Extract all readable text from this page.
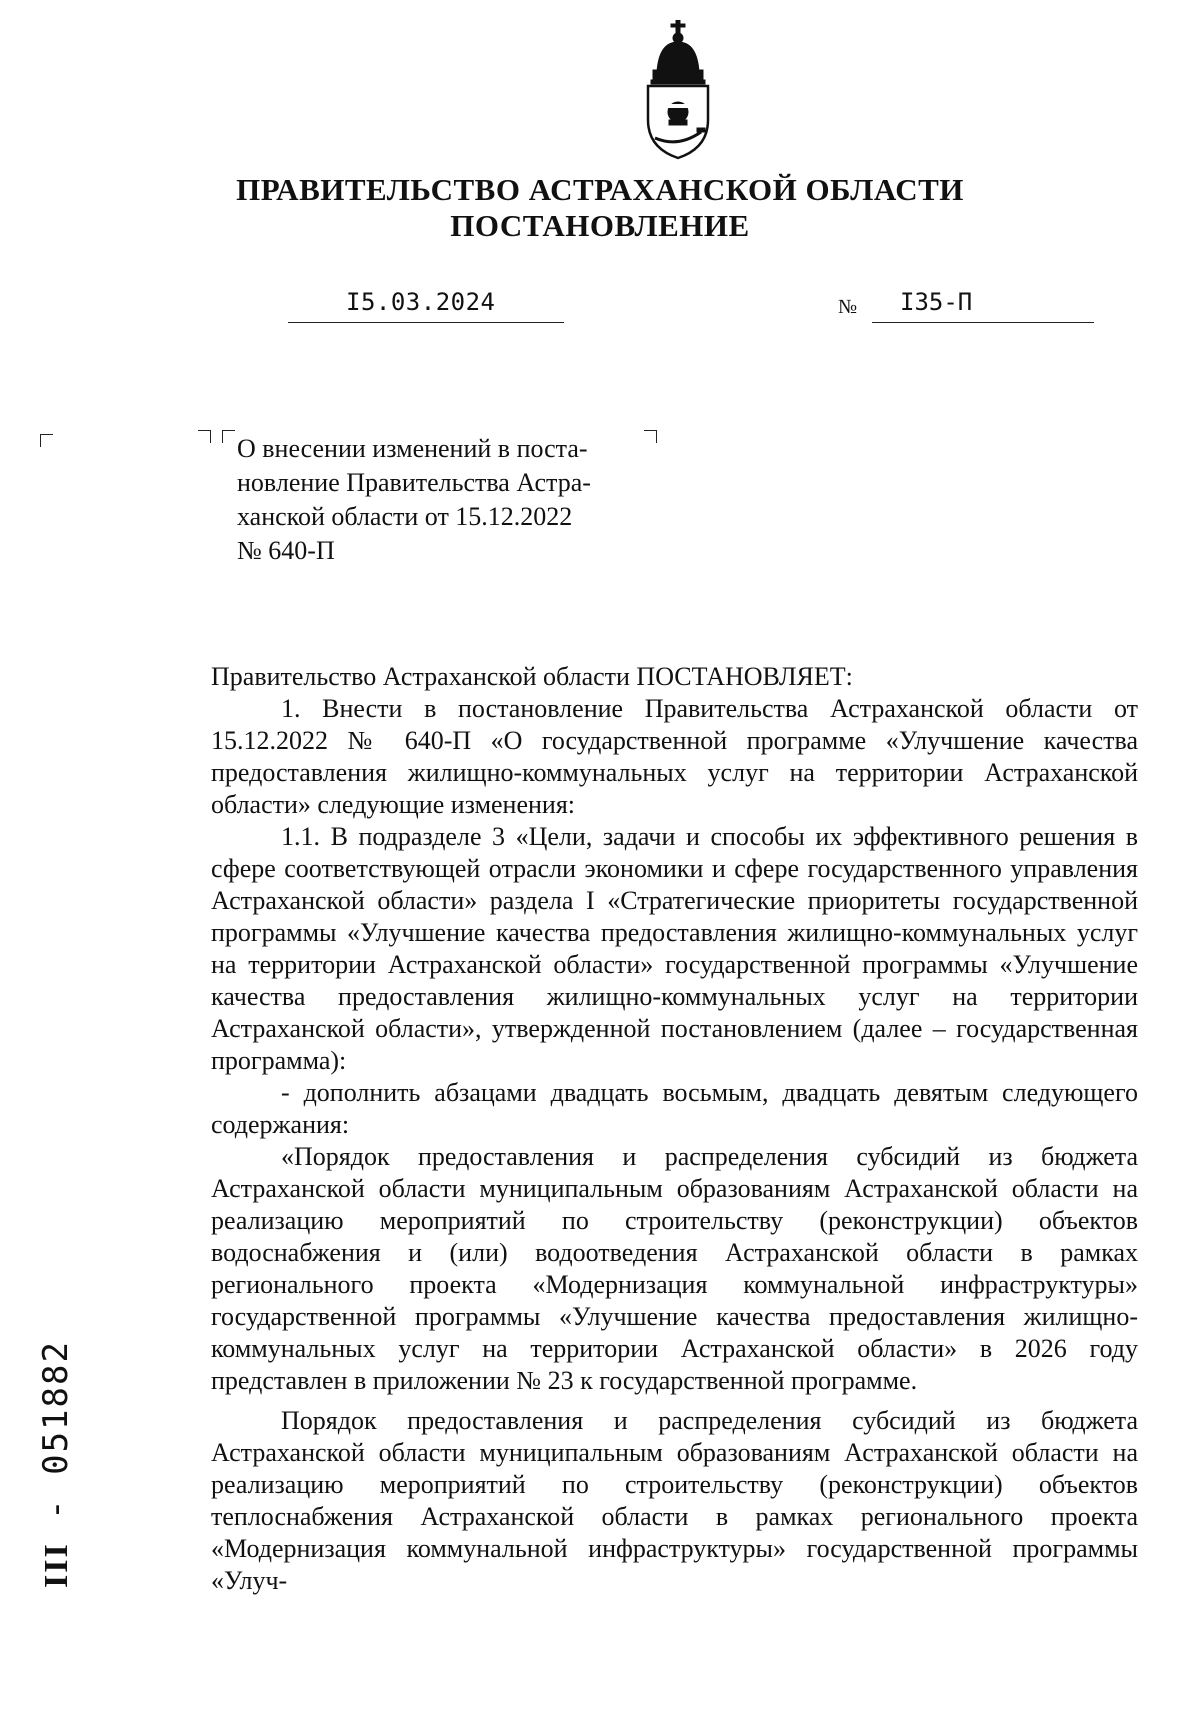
ПРАВИТЕЛЬСТВО АСТРАХАНСКОЙ ОБЛАСТИ
ПОСТАНОВЛЕНИЕ
I5.03.2024	№ I35-П
О внесении изменений в поста-
новление Правительства Астра-
ханской области от 15.12.2022
№ 640-П

Правительство Астраханской области ПОСТАНОВЛЯЕТ:

1. Внести в постановление Правительства Астраханской области от 15.12.2022 № 640-П «О государственной программе «Улучшение качества предоставления жилищно-коммунальных услуг на территории Астраханской области» следующие изменения:

1.1. В подразделе 3 «Цели, задачи и способы их эффективного решения в сфере соответствующей отрасли экономики и сфере государственного управления Астраханской области» раздела I «Стратегические приоритеты государственной программы «Улучшение качества предоставления жилищно-коммунальных услуг на территории Астраханской области» государственной программы «Улучшение качества предоставления жилищно-коммунальных услуг на территории Астраханской области», утвержденной постановлением (далее – государственная программа):

- дополнить абзацами двадцать восьмым, двадцать девятым следующего содержания:

«Порядок предоставления и распределения субсидий из бюджета Астраханской области муниципальным образованиям Астраханской области на реализацию мероприятий по строительству (реконструкции) объектов водоснабжения и (или) водоотведения Астраханской области в рамках регионального проекта «Модернизация коммунальной инфраструктуры» государственной программы «Улучшение качества предоставления жилищно-коммунальных услуг на территории Астраханской области» в 2026 году представлен в приложении № 23 к государственной программе.

Порядок предоставления и распределения субсидий из бюджета Астраханской области муниципальным образованиям Астраханской области на реализацию мероприятий по строительству (реконструкции) объектов теплоснабжения Астраханской области в рамках регионального проекта «Модернизация коммунальной инфраструктуры» государственной программы «Улуч-

III - 051882
